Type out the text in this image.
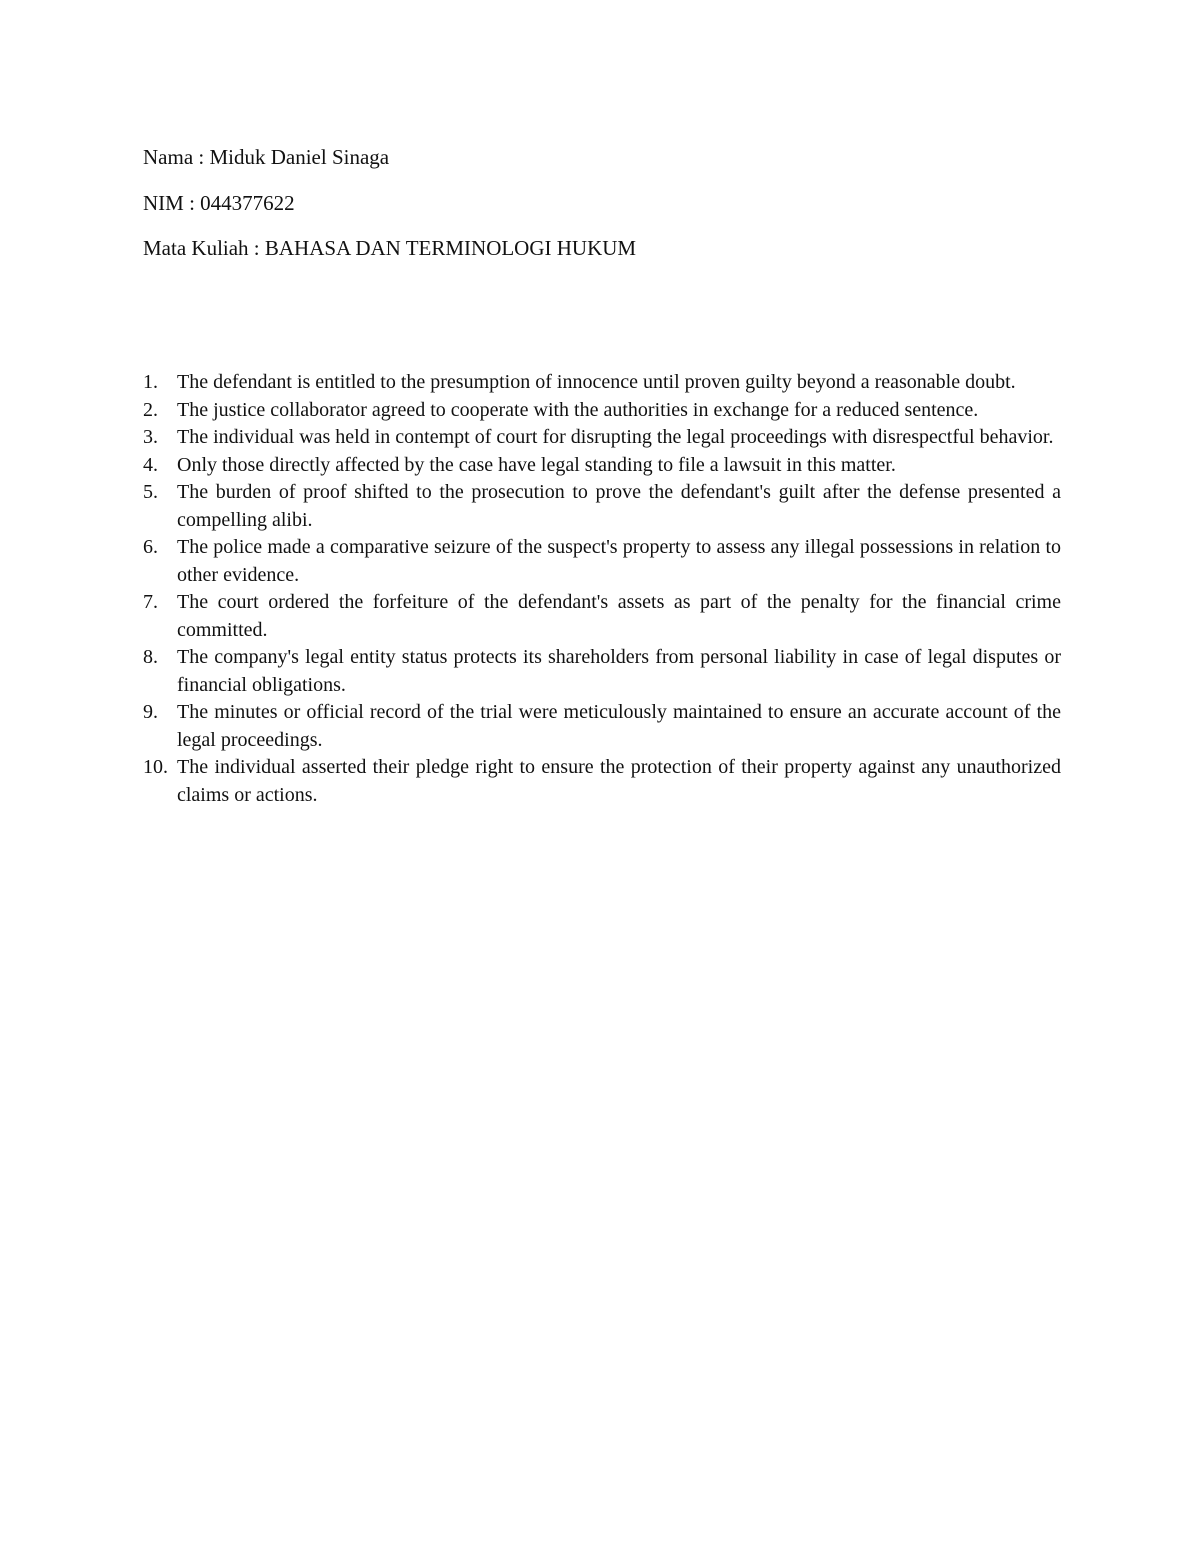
Nama : Miduk Daniel Sinaga
NIM : 044377622
Mata Kuliah : BAHASA DAN TERMINOLOGI HUKUM
1. The defendant is entitled to the presumption of innocence until proven guilty beyond a reasonable doubt.
2. The justice collaborator agreed to cooperate with the authorities in exchange for a reduced sentence.
3. The individual was held in contempt of court for disrupting the legal proceedings with disrespectful behavior.
4. Only those directly affected by the case have legal standing to file a lawsuit in this matter.
5. The burden of proof shifted to the prosecution to prove the defendant's guilt after the defense presented a compelling alibi.
6. The police made a comparative seizure of the suspect's property to assess any illegal possessions in relation to other evidence.
7. The court ordered the forfeiture of the defendant's assets as part of the penalty for the financial crime committed.
8. The company's legal entity status protects its shareholders from personal liability in case of legal disputes or financial obligations.
9. The minutes or official record of the trial were meticulously maintained to ensure an accurate account of the legal proceedings.
10. The individual asserted their pledge right to ensure the protection of their property against any unauthorized claims or actions.
